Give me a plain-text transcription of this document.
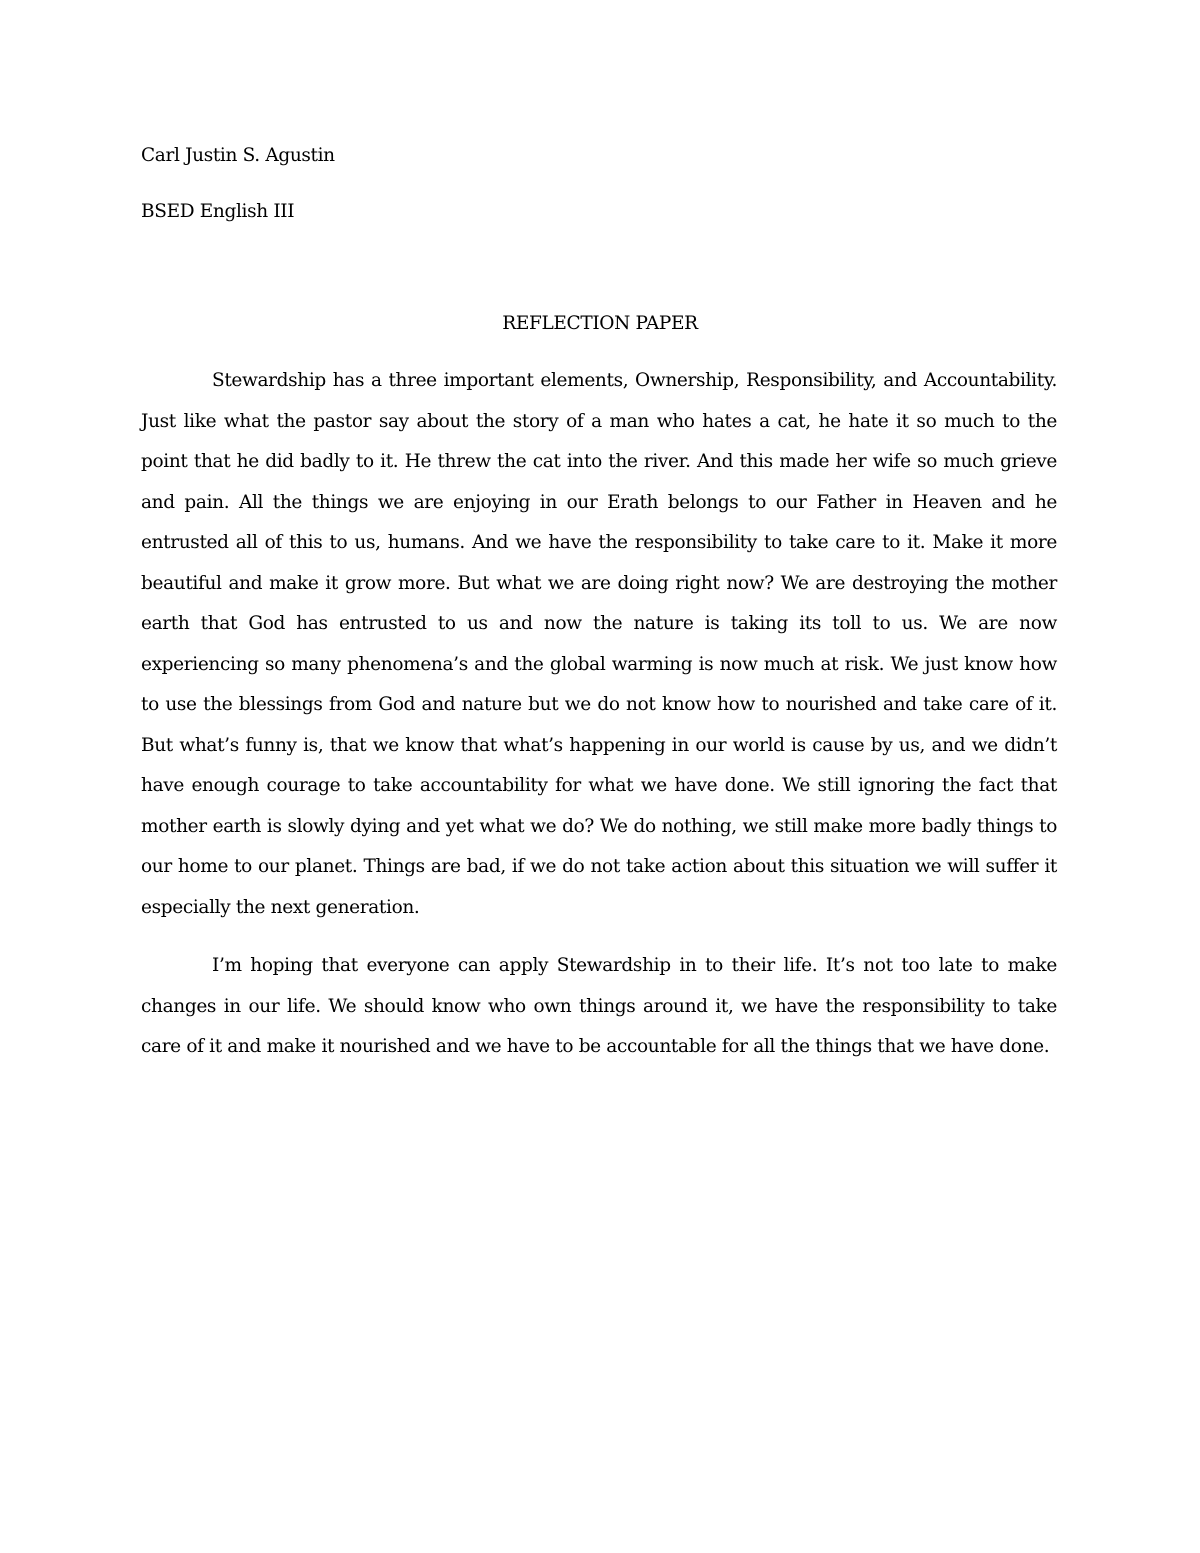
Carl Justin S. Agustin

BSED English III

REFLECTION PAPER

Stewardship has a three important elements, Ownership, Responsibility, and Accountability. Just like what the pastor say about the story of a man who hates a cat, he hate it so much to the point that he did badly to it. He threw the cat into the river. And this made her wife so much grieve and pain. All the things we are enjoying in our Erath belongs to our Father in Heaven and he entrusted all of this to us, humans. And we have the responsibility to take care to it. Make it more beautiful and make it grow more. But what we are doing right now? We are destroying the mother earth that God has entrusted to us and now the nature is taking its toll to us. We are now experiencing so many phenomena’s and the global warming is now much at risk. We just know how to use the blessings from God and nature but we do not know how to nourished and take care of it. But what’s funny is, that we know that what’s happening in our world is cause by us, and we didn’t have enough courage to take accountability for what we have done. We still ignoring the fact that mother earth is slowly dying and yet what we do? We do nothing, we still make more badly things to our home to our planet. Things are bad, if we do not take action about this situation we will suffer it especially the next generation.

I’m hoping that everyone can apply Stewardship in to their life. It’s not too late to make changes in our life. We should know who own things around it, we have the responsibility to take care of it and make it nourished and we have to be accountable for all the things that we have done.
